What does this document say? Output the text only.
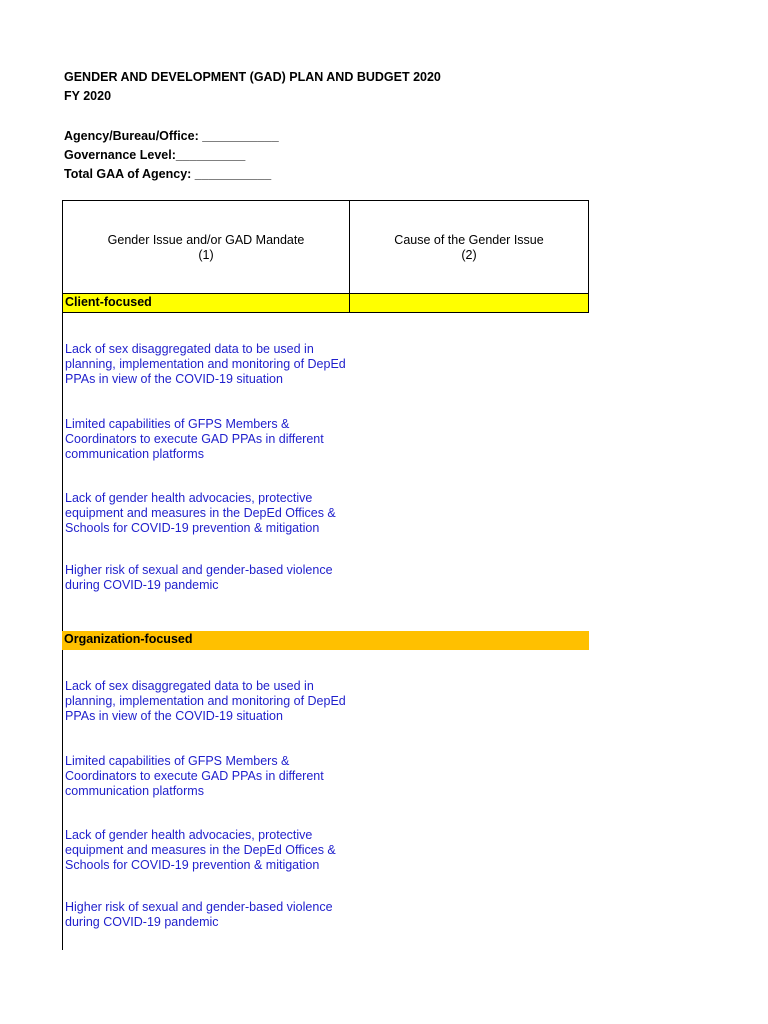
GENDER AND DEVELOPMENT (GAD) PLAN AND BUDGET 2020
FY 2020
Agency/Bureau/Office: ___________
Governance Level:__________
Total GAA of Agency: ___________
Gender Issue and/or GAD Mandate
(1)
Cause of the Gender Issue
(2)
Client-focused
Lack of sex disaggregated data to be used in planning, implementation and monitoring of DepEd PPAs in view of the COVID-19 situation
Limited capabilities of GFPS Members & Coordinators to execute GAD PPAs in different communication platforms
Lack of gender health advocacies, protective equipment and measures in the DepEd Offices & Schools for COVID-19 prevention & mitigation
Higher risk of sexual and gender-based violence during COVID-19 pandemic
Organization-focused
Lack of sex disaggregated data to be used in planning, implementation and monitoring of DepEd PPAs in view of the COVID-19 situation
Limited capabilities of GFPS Members & Coordinators to execute GAD PPAs in different communication platforms
Lack of gender health advocacies, protective equipment and measures in the DepEd Offices & Schools for COVID-19 prevention & mitigation
Higher risk of sexual and gender-based violence during COVID-19 pandemic
